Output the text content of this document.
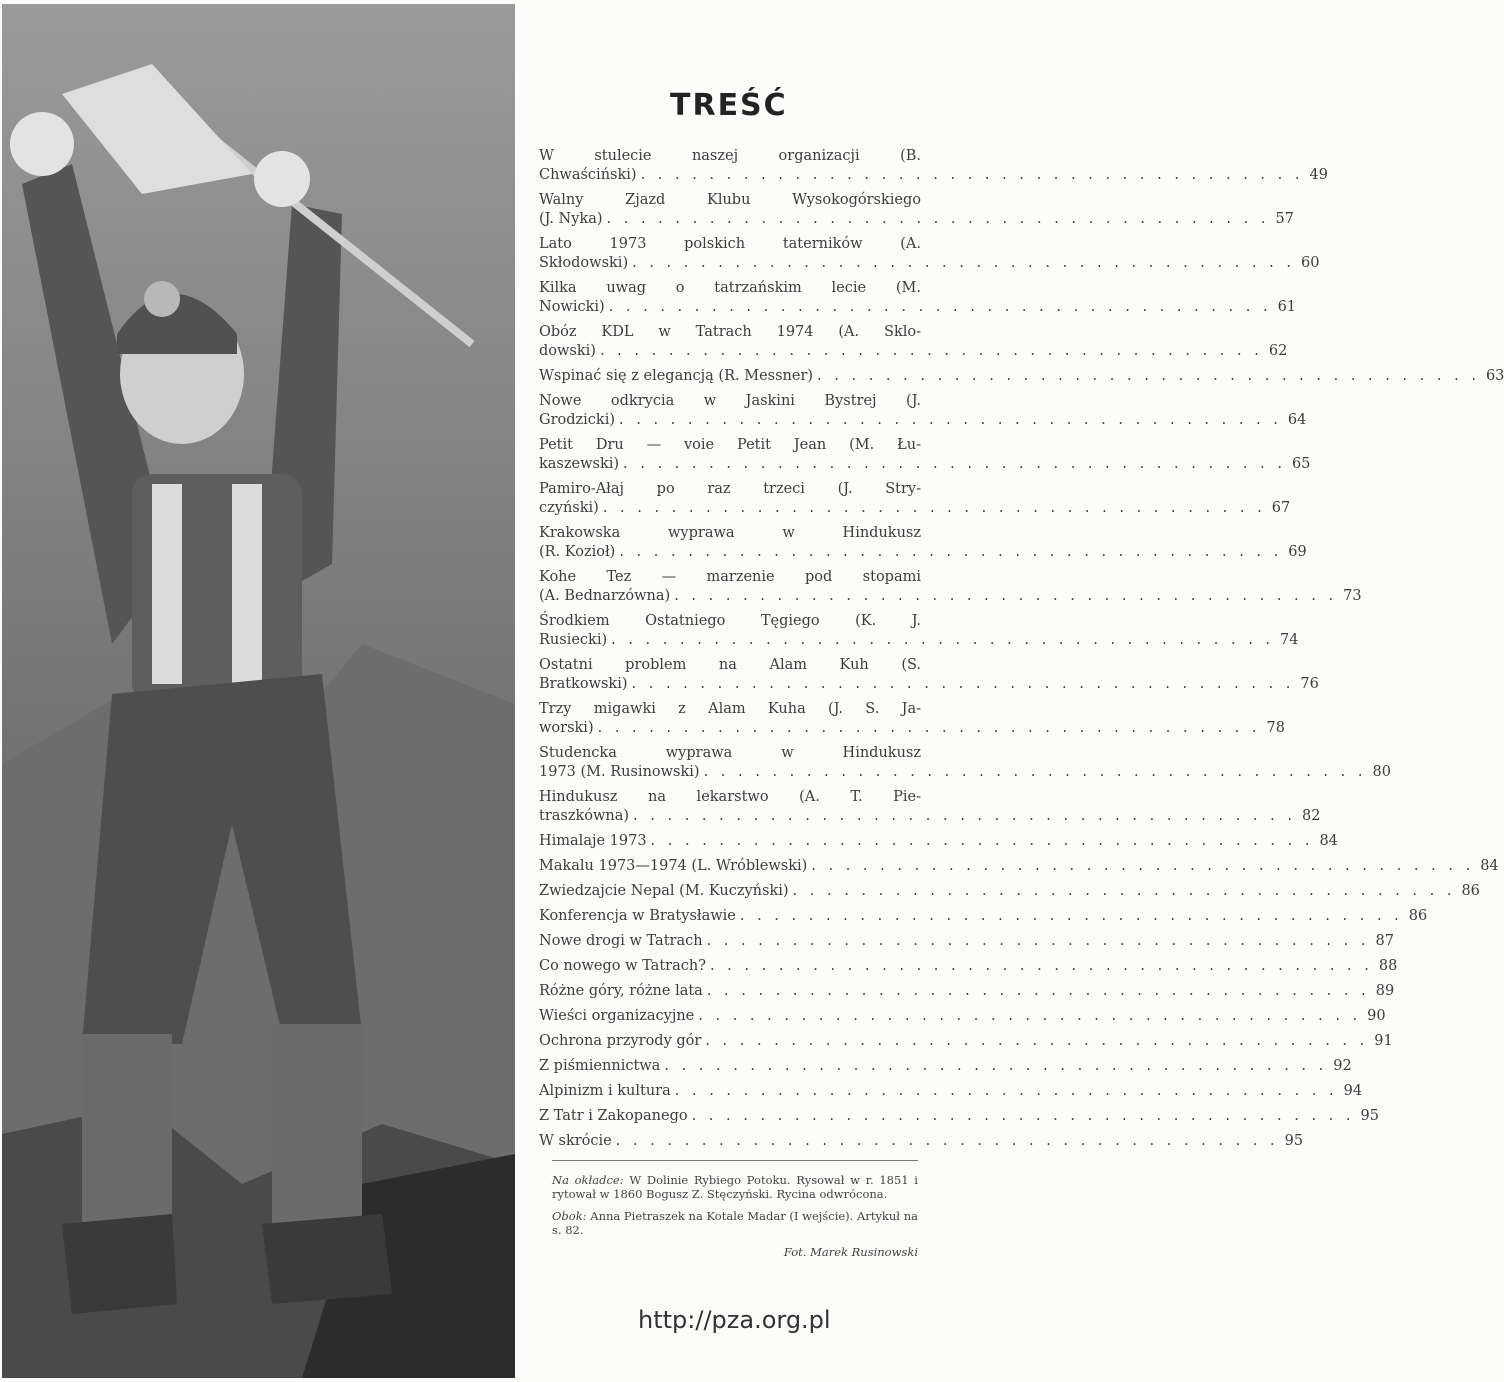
TREŚĆ
W stulecie naszej organizacji (B.
Chwaściński) . . . . . . . . . . . . . . . . . . . . . . . . . . . . . . . . . . . . . . . 49
Walny Zjazd Klubu Wysokogórskiego
(J. Nyka) . . . . . . . . . . . . . . . . . . . . . . . . . . . . . . . . . . . . . . . 57
Lato 1973 polskich taterników (A.
Skłodowski) . . . . . . . . . . . . . . . . . . . . . . . . . . . . . . . . . . . . . . . 60
Kilka uwag o tatrzańskim lecie (M.
Nowicki) . . . . . . . . . . . . . . . . . . . . . . . . . . . . . . . . . . . . . . . 61
Obóz KDL w Tatrach 1974 (A. Sklo-
dowski) . . . . . . . . . . . . . . . . . . . . . . . . . . . . . . . . . . . . . . . 62
Wspinać się z elegancją (R. Messner) . . . . . . . . . . . . . . . . . . . . . . . . . . . . . . . . . . . . . . . 63
Nowe odkrycia w Jaskini Bystrej (J.
Grodzicki) . . . . . . . . . . . . . . . . . . . . . . . . . . . . . . . . . . . . . . . 64
Petit Dru — voie Petit Jean (M. Łu-
kaszewski) . . . . . . . . . . . . . . . . . . . . . . . . . . . . . . . . . . . . . . . 65
Pamiro-Ałaj po raz trzeci (J. Stry-
czyński) . . . . . . . . . . . . . . . . . . . . . . . . . . . . . . . . . . . . . . . 67
Krakowska wyprawa w Hindukusz
(R. Kozioł) . . . . . . . . . . . . . . . . . . . . . . . . . . . . . . . . . . . . . . . 69
Kohe Tez — marzenie pod stopami
(A. Bednarzówna) . . . . . . . . . . . . . . . . . . . . . . . . . . . . . . . . . . . . . . . 73
Środkiem Ostatniego Tęgiego (K. J.
Rusiecki) . . . . . . . . . . . . . . . . . . . . . . . . . . . . . . . . . . . . . . . 74
Ostatni problem na Alam Kuh (S.
Bratkowski) . . . . . . . . . . . . . . . . . . . . . . . . . . . . . . . . . . . . . . . 76
Trzy migawki z Alam Kuha (J. S. Ja-
worski) . . . . . . . . . . . . . . . . . . . . . . . . . . . . . . . . . . . . . . . 78
Studencka wyprawa w Hindukusz
1973 (M. Rusinowski) . . . . . . . . . . . . . . . . . . . . . . . . . . . . . . . . . . . . . . . 80
Hindukusz na lekarstwo (A. T. Pie-
traszkówna) . . . . . . . . . . . . . . . . . . . . . . . . . . . . . . . . . . . . . . . 82
Himalaje 1973 . . . . . . . . . . . . . . . . . . . . . . . . . . . . . . . . . . . . . . . 84
Makalu 1973—1974 (L. Wróblewski) . . . . . . . . . . . . . . . . . . . . . . . . . . . . . . . . . . . . . . . 84
Zwiedzajcie Nepal (M. Kuczyński) . . . . . . . . . . . . . . . . . . . . . . . . . . . . . . . . . . . . . . . 86
Konferencja w Bratysławie . . . . . . . . . . . . . . . . . . . . . . . . . . . . . . . . . . . . . . . 86
Nowe drogi w Tatrach . . . . . . . . . . . . . . . . . . . . . . . . . . . . . . . . . . . . . . . 87
Co nowego w Tatrach? . . . . . . . . . . . . . . . . . . . . . . . . . . . . . . . . . . . . . . . 88
Różne góry, różne lata . . . . . . . . . . . . . . . . . . . . . . . . . . . . . . . . . . . . . . . 89
Wieści organizacyjne . . . . . . . . . . . . . . . . . . . . . . . . . . . . . . . . . . . . . . . 90
Ochrona przyrody gór . . . . . . . . . . . . . . . . . . . . . . . . . . . . . . . . . . . . . . . 91
Z piśmiennictwa . . . . . . . . . . . . . . . . . . . . . . . . . . . . . . . . . . . . . . . 92
Alpinizm i kultura . . . . . . . . . . . . . . . . . . . . . . . . . . . . . . . . . . . . . . . 94
Z Tatr i Zakopanego . . . . . . . . . . . . . . . . . . . . . . . . . . . . . . . . . . . . . . . 95
W skrócie . . . . . . . . . . . . . . . . . . . . . . . . . . . . . . . . . . . . . . . 95

Na okładce: W Dolinie Rybiego Potoku. Rysował w r. 1851 i rytował w 1860 Bogusz Z. Stęczyński. Rycina odwrócona.

Obok: Anna Pietraszek na Kotale Madar (I wejście). Artykuł na s. 82.

Fot. Marek Rusinowski

http://pza.org.pl
